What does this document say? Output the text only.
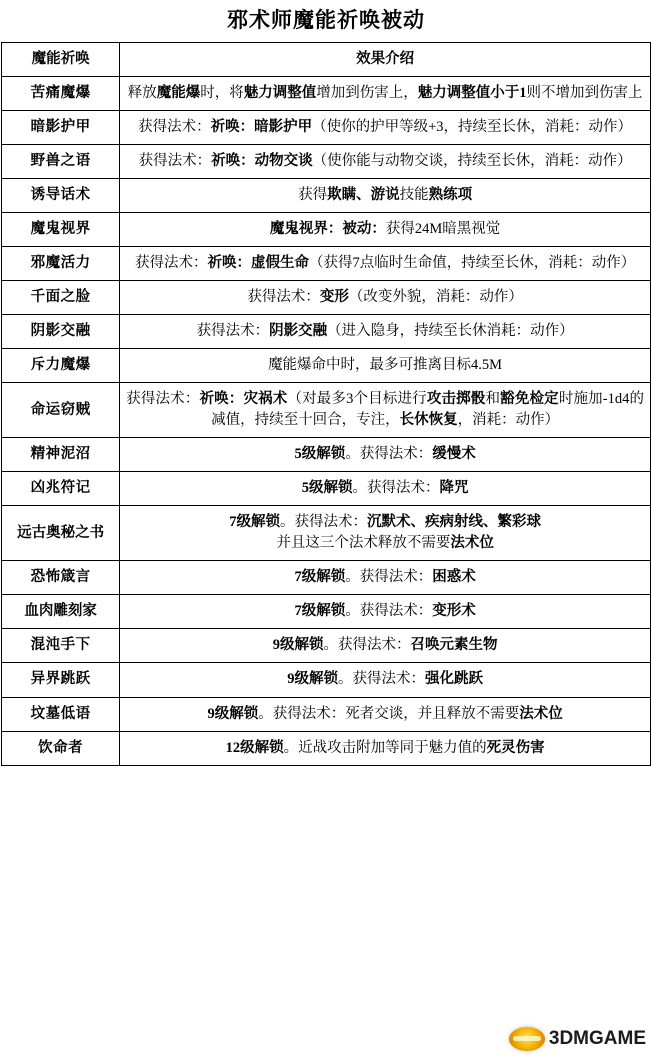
邪术师魔能祈唤被动
魔能祈唤	效果介绍
苦痛魔爆	释放魔能爆时，将魅力调整值增加到伤害上，魅力调整值小于1则不增加到伤害上
暗影护甲	获得法术：祈唤：暗影护甲（使你的护甲等级+3，持续至长休，消耗：动作）
野兽之语	获得法术：祈唤：动物交谈（使你能与动物交谈，持续至长休，消耗：动作）
诱导话术	获得欺瞒、游说技能熟练项
魔鬼视界	魔鬼视界：被动：获得24M暗黑视觉
邪魔活力	获得法术：祈唤：虚假生命（获得7点临时生命值，持续至长休，消耗：动作）
千面之脸	获得法术：变形（改变外貌，消耗：动作）
阴影交融	获得法术：阴影交融（进入隐身，持续至长休消耗：动作）
斥力魔爆	魔能爆命中时，最多可推离目标4.5M
命运窃贼	获得法术：祈唤：灾祸术（对最多3个目标进行攻击掷骰和豁免检定时施加-1d4的减值，持续至十回合，专注，长休恢复，消耗：动作）
精神泥沼	5级解锁。获得法术：缓慢术
凶兆符记	5级解锁。获得法术：降咒
远古奥秘之书	7级解锁。获得法术：沉默术、疾病射线、繁彩球
并且这三个法术释放不需要法术位
恐怖箴言	7级解锁。获得法术：困惑术
血肉雕刻家	7级解锁。获得法术：变形术
混沌手下	9级解锁。获得法术：召唤元素生物
异界跳跃	9级解锁。获得法术：强化跳跃
坟墓低语	9级解锁。获得法术：死者交谈，并且释放不需要法术位
饮命者	12级解锁。近战攻击附加等同于魅力值的死灵伤害
3DMGAME
